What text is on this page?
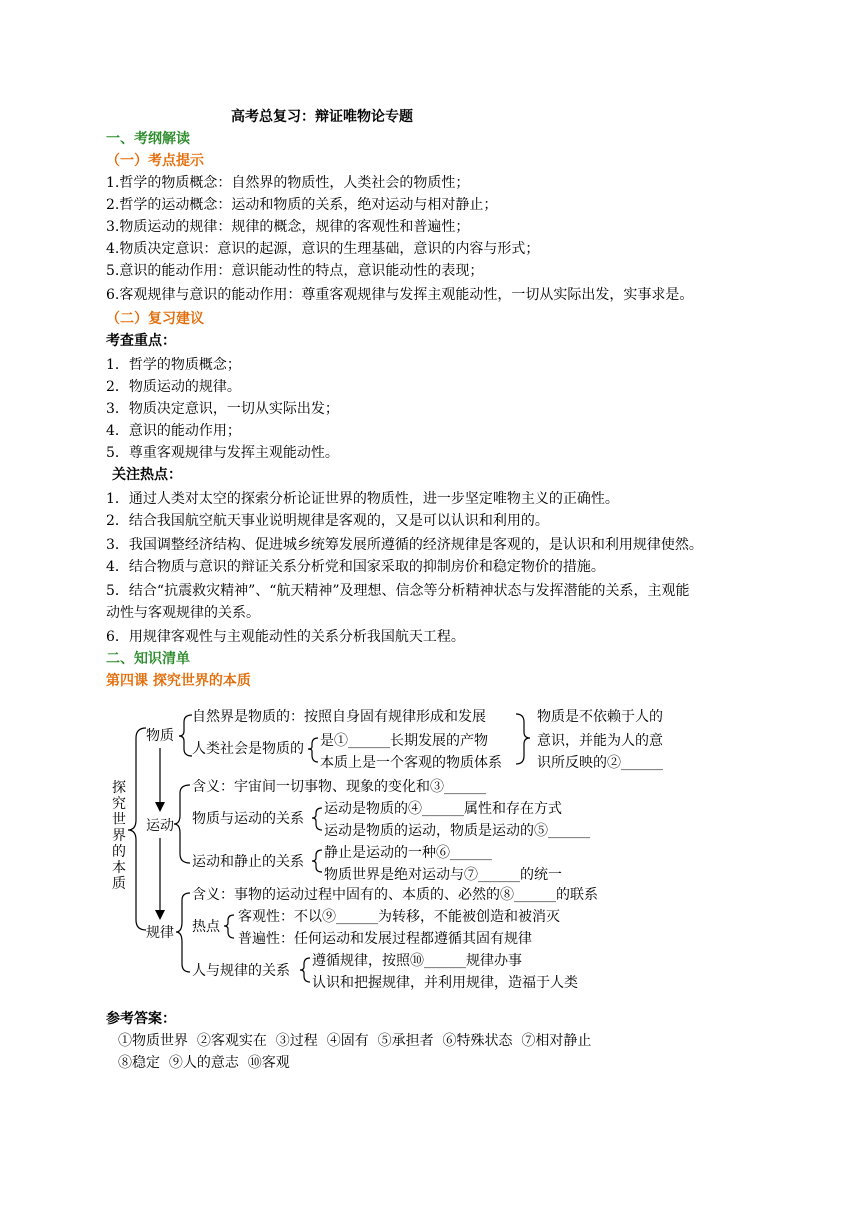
高考总复习：辩证唯物论专题
一、考纲解读
（一）考点提示
1.哲学的物质概念：自然界的物质性，人类社会的物质性；
2.哲学的运动概念：运动和物质的关系，绝对运动与相对静止；
3.物质运动的规律：规律的概念，规律的客观性和普遍性；
4.物质决定意识：意识的起源，意识的生理基础，意识的内容与形式；
5.意识的能动作用：意识能动性的特点，意识能动性的表现；
6.客观规律与意识的能动作用：尊重客观规律与发挥主观能动性，一切从实际出发，实事求是。
（二）复习建议
考查重点：
1．哲学的物质概念；
2．物质运动的规律。
3．物质决定意识，一切从实际出发；
4．意识的能动作用；
5．尊重客观规律与发挥主观能动性。
关注热点：
1．通过人类对太空的探索分析论证世界的物质性，进一步坚定唯物主义的正确性。
2．结合我国航空航天事业说明规律是客观的，又是可以认识和利用的。
3．我国调整经济结构、促进城乡统筹发展所遵循的经济规律是客观的，是认识和利用规律使然。
4．结合物质与意识的辩证关系分析党和国家采取的抑制房价和稳定物价的措施。
5．结合“抗震救灾精神”、“航天精神”及理想、信念等分析精神状态与发挥潜能的关系，主观能
动性与客观规律的关系。
6．用规律客观性与主观能动性的关系分析我国航天工程。
二、知识清单
第四课 探究世界的本质
探究世界的本质
物质
运动
规律
自然界是物质的：按照自身固有规律形成和发展
人类社会是物质的 是①______长期发展的产物
本质上是一个客观的物质体系
物质是不依赖于人的
意识，并能为人的意
识所反映的②______
含义：宇宙间一切事物、现象的变化和③______
物质与运动的关系
运动是物质的④______属性和存在方式
运动是物质的运动，物质是运动的⑤______
运动和静止的关系
静止是运动的一种⑥______
物质世界是绝对运动与⑦______的统一
含义：事物的运动过程中固有的、本质的、必然的⑧______的联系
热点
客观性：不以⑨______为转移，不能被创造和被消灭
普遍性：任何运动和发展过程都遵循其固有规律
人与规律的关系
遵循规律，按照⑩______规律办事
认识和把握规律，并利用规律，造福于人类
参考答案：
①物质世界  ②客观实在  ③过程  ④固有  ⑤承担者  ⑥特殊状态  ⑦相对静止
⑧稳定  ⑨人的意志  ⑩客观
